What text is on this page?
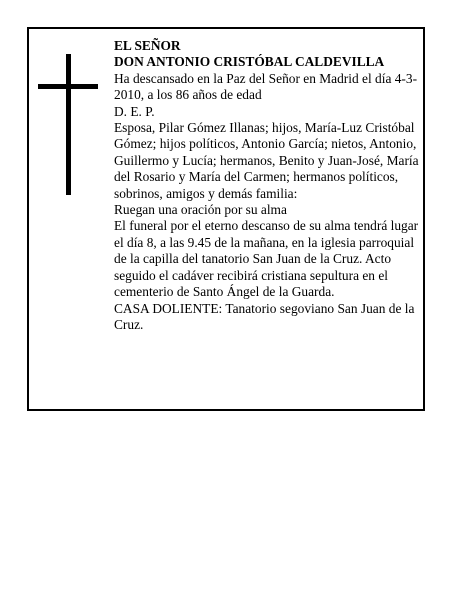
EL SEÑOR
DON ANTONIO CRISTÓBAL CALDEVILLA
Ha descansado en la Paz del Señor en Madrid el día 4-3-2010, a los 86 años de edad
D. E. P.
Esposa, Pilar Gómez Illanas; hijos, María-Luz Cristóbal Gómez; hijos políticos, Antonio García; nietos, Antonio, Guillermo y Lucía; hermanos, Benito y Juan-José, María del Rosario y María del Carmen; hermanos políticos, sobrinos, amigos y demás familia:
Ruegan una oración por su alma
El funeral por el eterno descanso de su alma tendrá lugar el día 8, a las 9.45 de la mañana, en la iglesia parroquial de la capilla del tanatorio San Juan de la Cruz. Acto seguido el cadáver recibirá cristiana sepultura en el cementerio de Santo Ángel de la Guarda.
CASA DOLIENTE: Tanatorio segoviano San Juan de la Cruz.
